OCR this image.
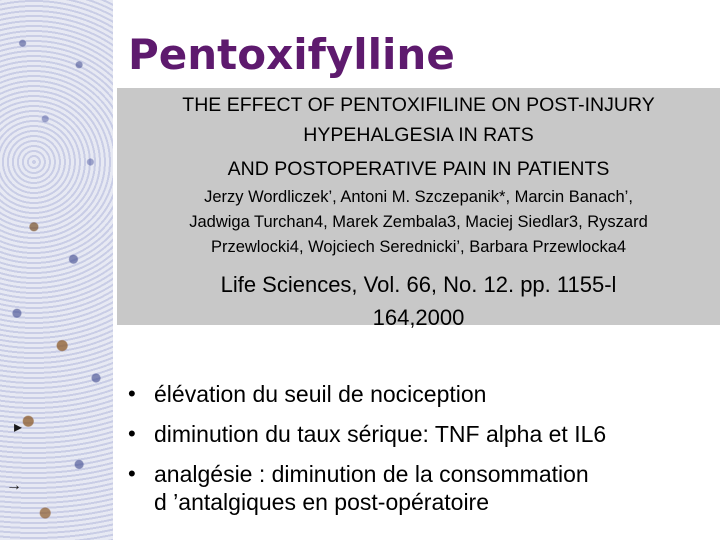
▸
→
Pentoxifylline
THE EFFECT OF PENTOXIFILINE ON POST-INJURY
HYPEHALGESIA IN RATS
AND POSTOPERATIVE PAIN IN PATIENTS
Jerzy Wordliczek’, Antoni M. Szczepanik*, Marcin Banach’,
Jadwiga Turchan4, Marek Zembala3, Maciej Siedlar3, Ryszard
Przewlocki4, Wojciech Serednicki’, Barbara Przewlocka4
Life Sciences, Vol. 66, No. 12. pp. 1155-l
164,2000
• élévation du seuil de nociception
• diminution du taux sérique: TNF alpha et IL6
• analgésie : diminution de la consommation
d ’antalgiques en post-opératoire
